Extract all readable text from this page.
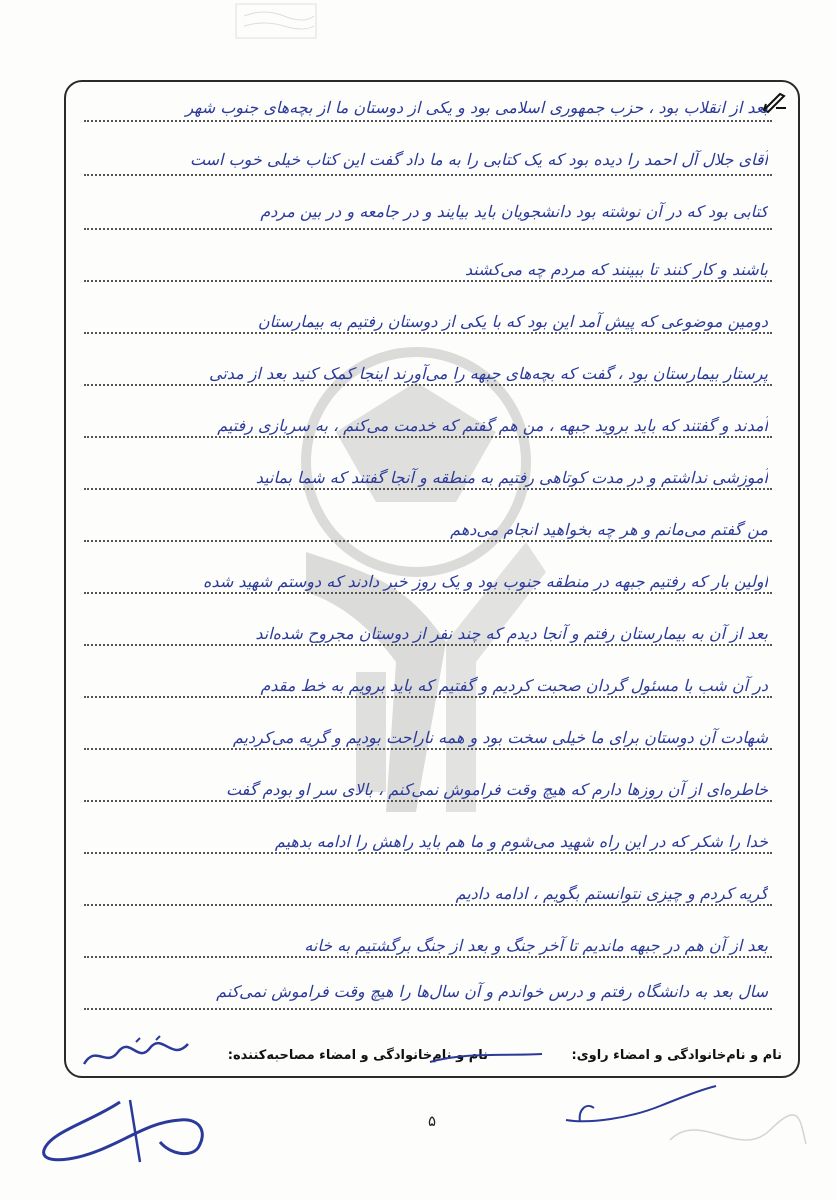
بعد از انقلاب بود ، حزب جمهوری اسلامی بود و یکی از دوستان ما از بچه‌های جنوب شهر
آقای جلال آل احمد را دیده بود که یک کتابی را به ما داد گفت این کتاب خیلی خوب است
کتابی بود که در آن نوشته بود دانشجویان باید بیایند و در جامعه و در بین مردم
باشند و کار کنند تا ببینند که مردم چه می‌کشند
دومین موضوعی که پیش آمد این بود که با یکی از دوستان رفتیم به بیمارستان
پرستار بیمارستان بود ، گفت که بچه‌های جبهه را می‌آورند اینجا کمک کنید بعد از مدتی
آمدند و گفتند که باید بروید جبهه ، من هم گفتم که خدمت می‌کنم ، به سربازی رفتیم
آموزشی نداشتم و در مدت کوتاهی رفتیم به منطقه و آنجا گفتند که شما بمانید
من گفتم می‌مانم و هر چه بخواهید انجام می‌دهم
اولین بار که رفتیم جبهه در منطقه جنوب بود و یک روز خبر دادند که دوستم شهید شده
بعد از آن به بیمارستان رفتم و آنجا دیدم که چند نفر از دوستان مجروح شده‌اند
در آن شب با مسئول گردان صحبت کردیم و گفتیم که باید برویم به خط مقدم
شهادت آن دوستان برای ما خیلی سخت بود و همه ناراحت بودیم و گریه می‌کردیم
خاطره‌ای از آن روزها دارم که هیچ وقت فراموش نمی‌کنم ، بالای سر او بودم گفت
خدا را شکر که در این راه شهید می‌شوم و ما هم باید راهش را ادامه بدهیم
گریه کردم و چیزی نتوانستم بگویم ، ادامه دادیم
بعد از آن هم در جبهه ماندیم تا آخر جنگ و بعد از جنگ برگشتیم به خانه
سال بعد به دانشگاه رفتم و درس خواندم و آن سال‌ها را هیچ وقت فراموش نمی‌کنم
نام و نام‌خانوادگی و امضاء راوی:
نام و نام‌خانوادگی و امضاء مصاحبه‌کننده:
۵
